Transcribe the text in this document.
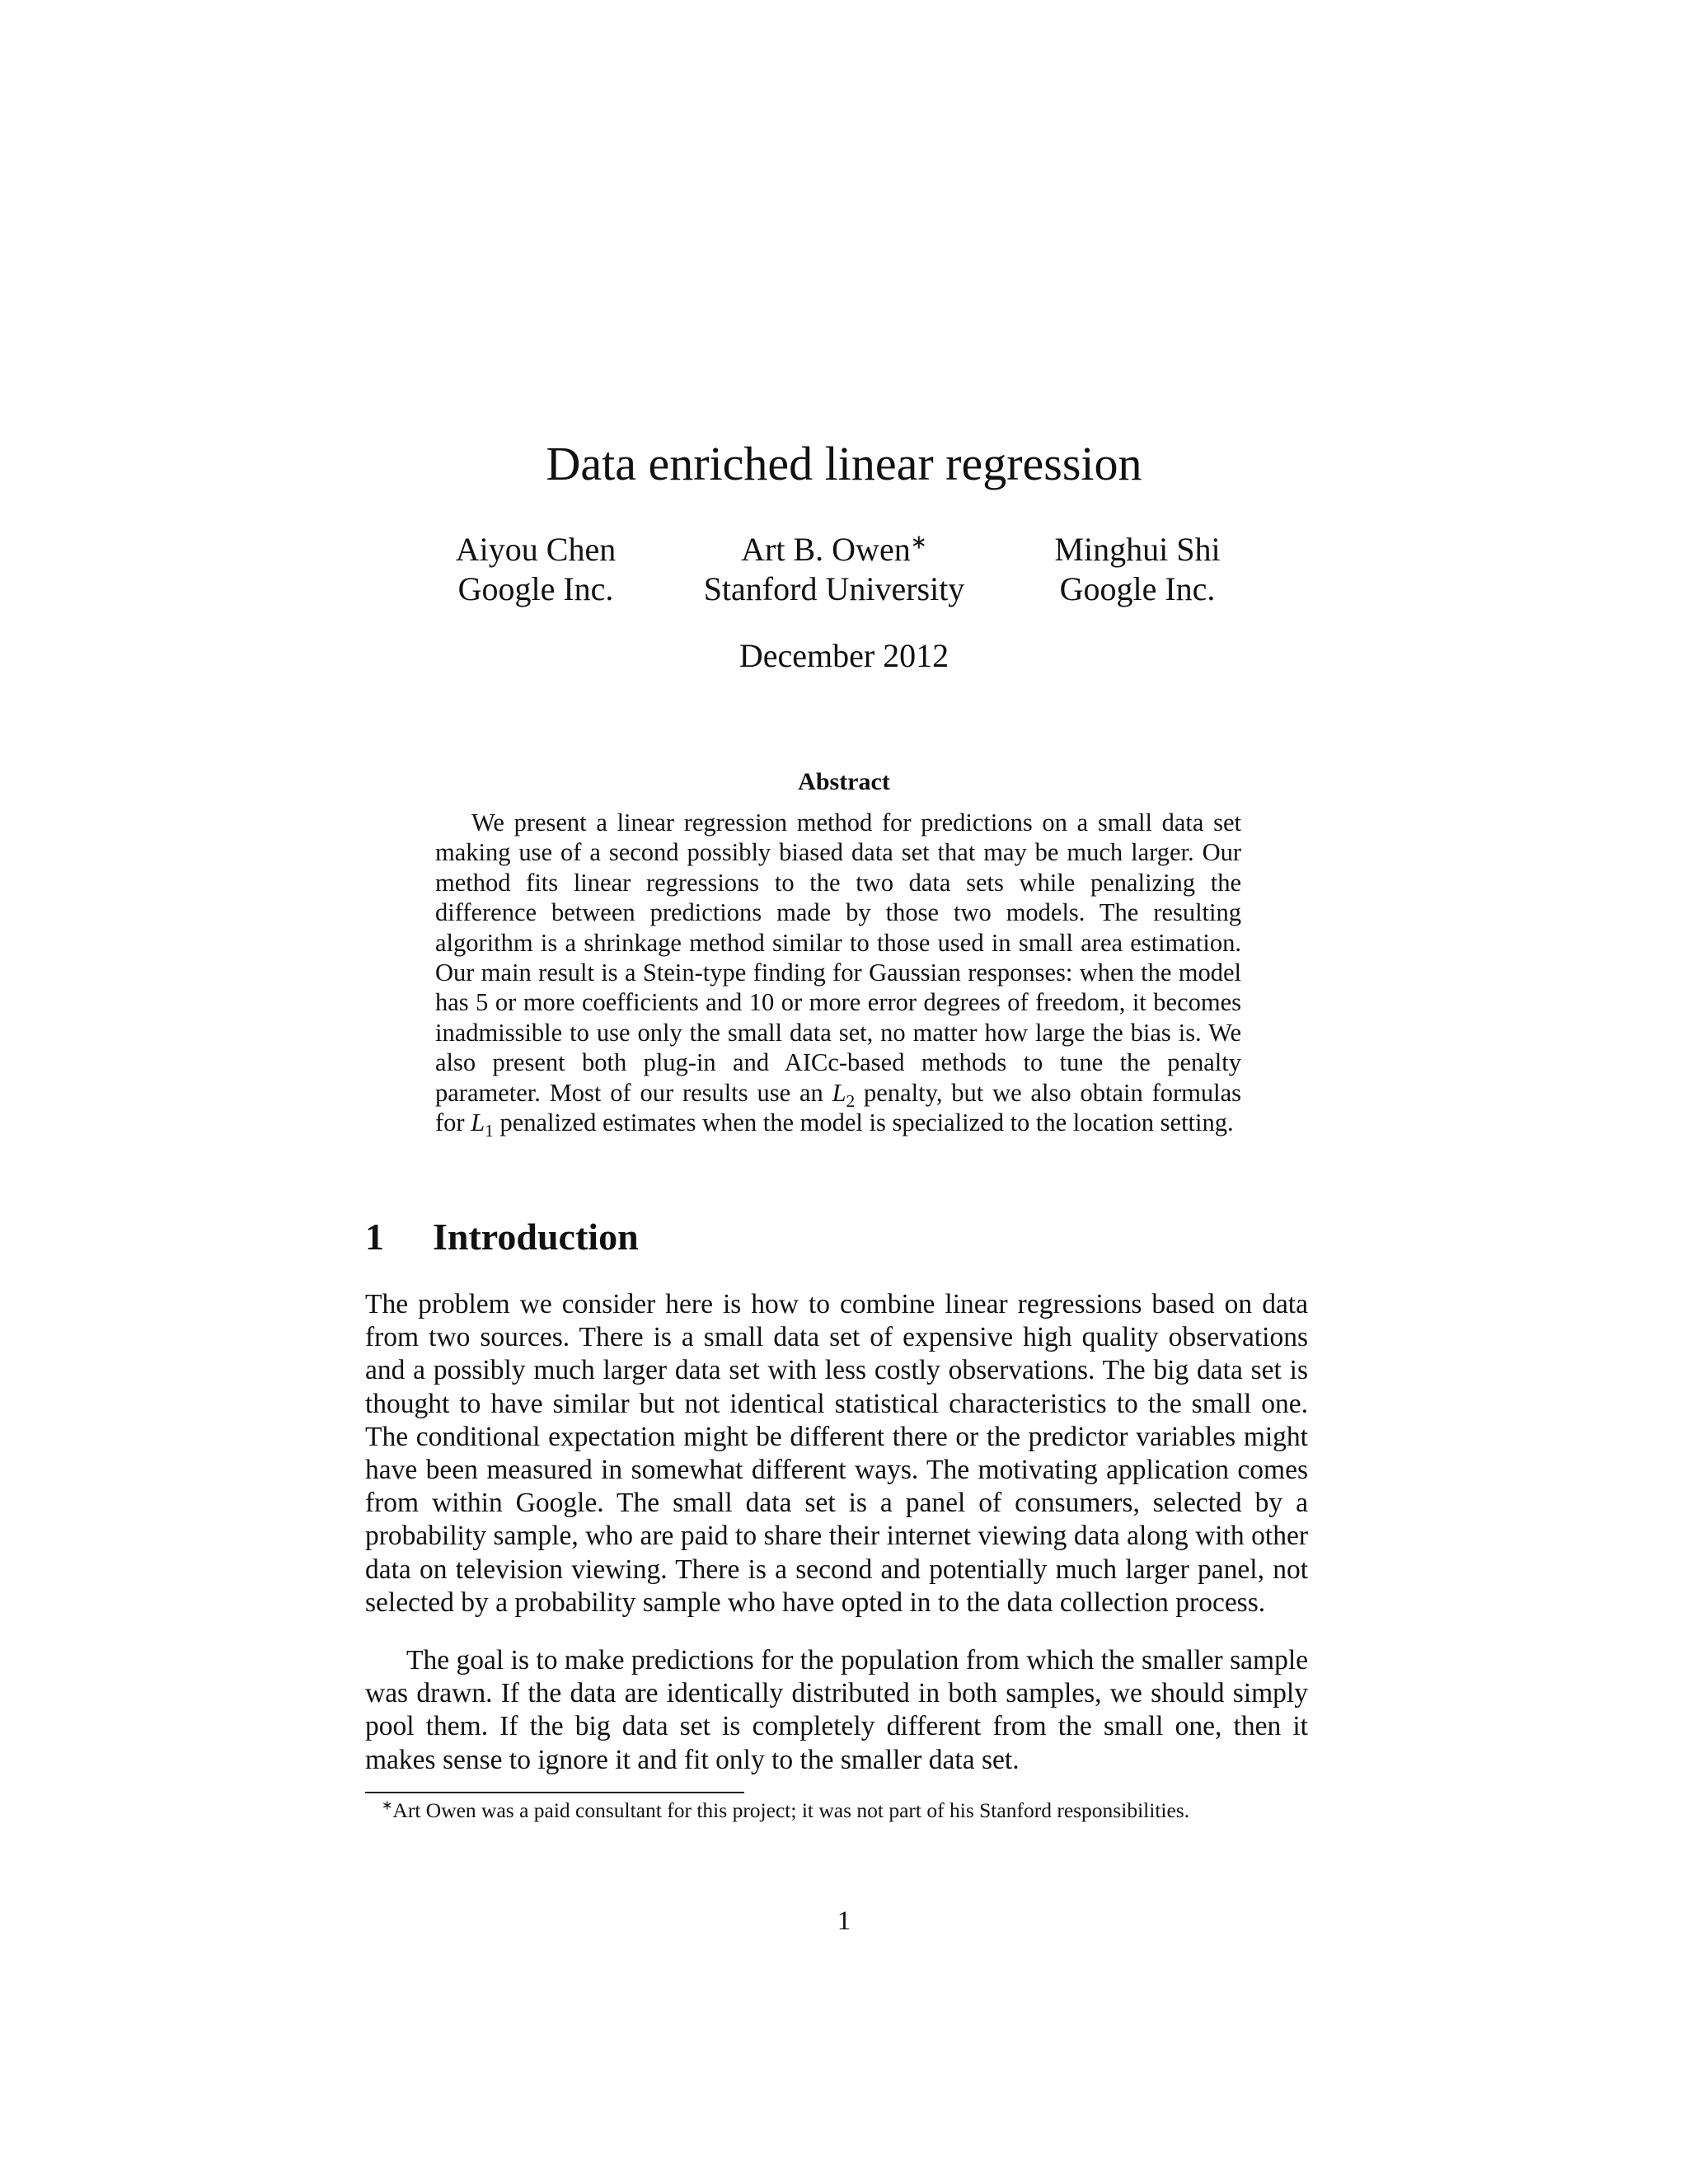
Data enriched linear regression
Aiyou Chen
Google Inc.
Art B. Owen∗
Stanford University
Minghui Shi
Google Inc.
December 2012
Abstract

We present a linear regression method for predictions on a small data set making use of a second possibly biased data set that may be much larger. Our method fits linear regressions to the two data sets while penalizing the difference between predictions made by those two models. The resulting algorithm is a shrinkage method similar to those used in small area estimation. Our main result is a Stein-type finding for Gaussian responses: when the model has 5 or more coefficients and 10 or more error degrees of freedom, it becomes inadmissible to use only the small data set, no matter how large the bias is. We also present both plug-in and AICc-based methods to tune the penalty parameter. Most of our results use an $L_2$ penalty, but we also obtain formulas for $L_1$ penalized estimates when the model is specialized to the location setting.

1 Introduction

The problem we consider here is how to combine linear regressions based on data from two sources. There is a small data set of expensive high quality observations and a possibly much larger data set with less costly observations. The big data set is thought to have similar but not identical statistical characteristics to the small one. The conditional expectation might be different there or the predictor variables might have been measured in somewhat different ways. The motivating application comes from within Google. The small data set is a panel of consumers, selected by a probability sample, who are paid to share their internet viewing data along with other data on television viewing. There is a second and potentially much larger panel, not selected by a probability sample who have opted in to the data collection process.

The goal is to make predictions for the population from which the smaller sample was drawn. If the data are identically distributed in both samples, we should simply pool them. If the big data set is completely different from the small one, then it makes sense to ignore it and fit only to the smaller data set.

∗Art Owen was a paid consultant for this project; it was not part of his Stanford responsibilities.

1
